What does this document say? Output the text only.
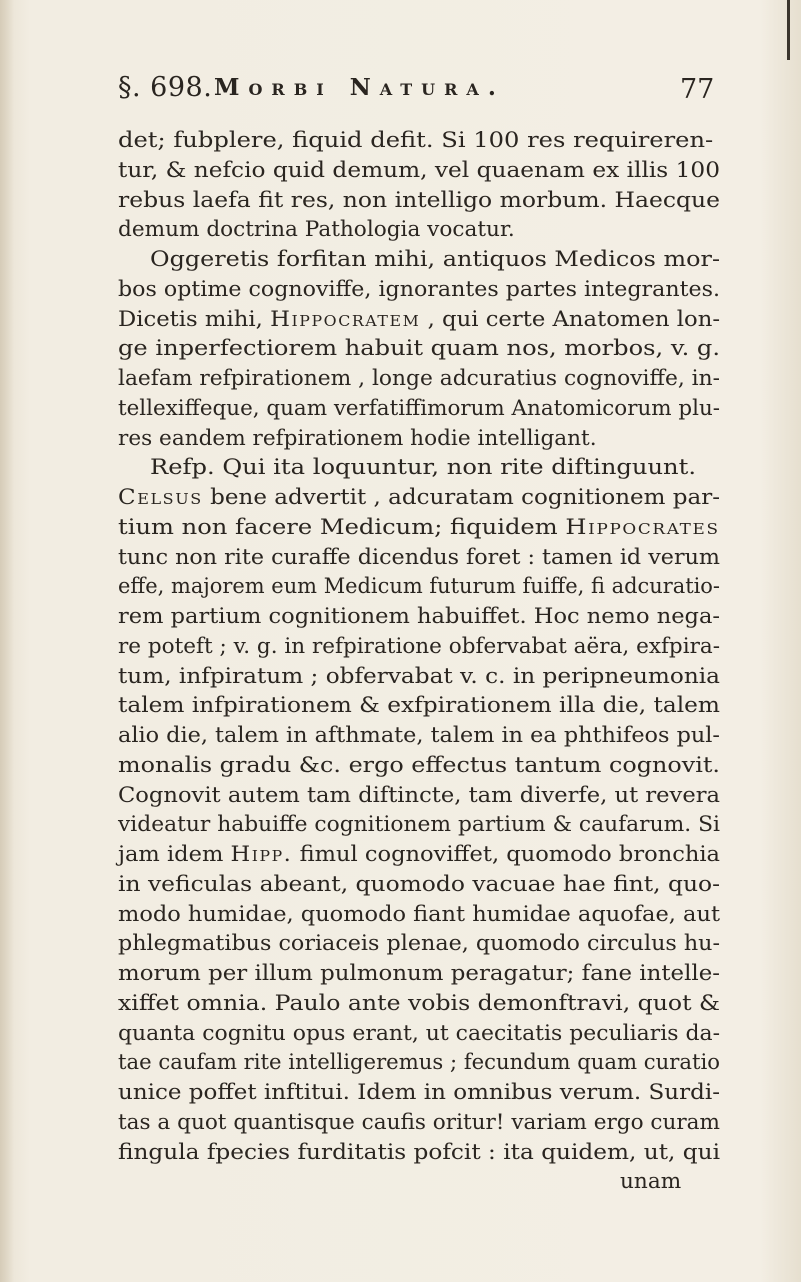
§. 698. Morbi Natura.	77
det; fubplere, fiquid defit. Si 100 res requireren-
tur, & nefcio quid demum, vel quaenam ex illis 100
rebus laefa fit res, non intelligo morbum. Haecque
demum doctrina Pathologia vocatur.
Oggeretis forfitan mihi, antiquos Medicos mor-
bos optime cognoviffe, ignorantes partes integrantes.
Dicetis mihi, Hippocratem , qui certe Anatomen lon-
ge inperfectiorem habuit quam nos, morbos, v. g.
laefam refpirationem , longe adcuratius cognoviffe, in-
tellexiffeque, quam verfatiffimorum Anatomicorum plu-
res eandem refpirationem hodie intelligant.
Refp. Qui ita loquuntur, non rite diftinguunt.
Celsus bene advertit , adcuratam cognitionem par-
tium non facere Medicum; fiquidem Hippocrates
tunc non rite curaffe dicendus foret : tamen id verum
effe, majorem eum Medicum futurum fuiffe, fi adcuratio-
rem partium cognitionem habuiffet. Hoc nemo nega-
re poteft ; v. g. in refpiratione obfervabat aëra, exfpira-
tum, infpiratum ; obfervabat v. c. in peripneumonia
talem infpirationem & exfpirationem illa die, talem
alio die, talem in afthmate, talem in ea phthifeos pul-
monalis gradu &c. ergo effectus tantum cognovit.
Cognovit autem tam diftincte, tam diverfe, ut revera
videatur habuiffe cognitionem partium & caufarum. Si
jam idem Hipp. fimul cognoviffet, quomodo bronchia
in veficulas abeant, quomodo vacuae hae fint, quo-
modo humidae, quomodo fiant humidae aquofae, aut
phlegmatibus coriaceis plenae, quomodo circulus hu-
morum per illum pulmonum peragatur; fane intelle-
xiffet omnia. Paulo ante vobis demonftravi, quot &
quanta cognitu opus erant, ut caecitatis peculiaris da-
tae caufam rite intelligeremus ; fecundum quam curatio
unice poffet inftitui. Idem in omnibus verum. Surdi-
tas a quot quantisque caufis oritur! variam ergo curam
fingula fpecies furditatis pofcit : ita quidem, ut, qui
unam
